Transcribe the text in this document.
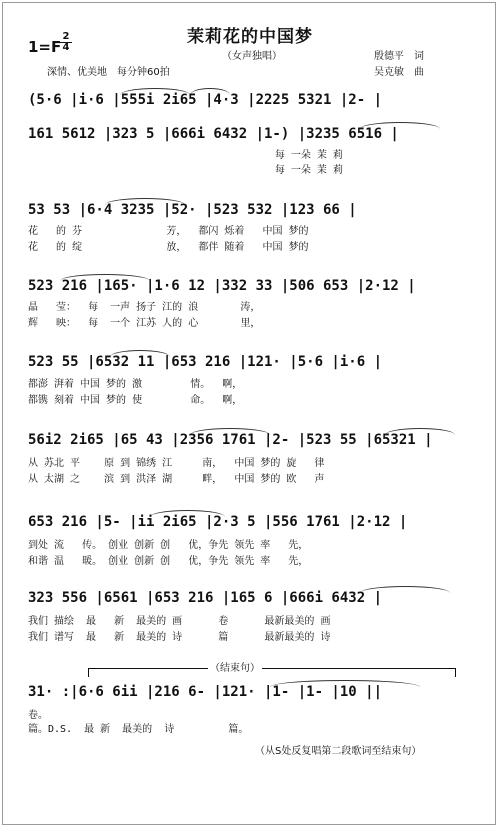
茉莉花的中国梦
（女声独唱）
1=F
2
4
深情、优美地　每分钟60拍
殷德平　词
吴克敏　曲
(5·6 |i·6 |555i 2i65 |4·3 |2225 5321 |2- |
161 5612 |323 5 |666i 6432 |1-) |3235 6516 |
每 一朵 茉 莉
每 一朵 茉 莉
53 53 |6·4 3235 |52· |523 532 |123 66 |
花   的 芬              芳，  都闪 烁着   中国 梦的
花   的 绽              放，  都伴 随着   中国 梦的
523 216 |165· |1·6 12 |332 33 |506 653 |2·12 |
晶   莹：  每  一声 扬子 江的 浪       涛，
辉   映：  每  一个 江苏 人的 心       里，
523 55 |6532 11 |653 216 |121· |5·6 |i·6 |
都澎 湃着 中国 梦的 激        情。  啊，
都镌 刻着 中国 梦的 使        命。  啊，
56i2 2i65 |65 43 |2356 1761 |2- |523 55 |65321 |
从 苏北 平    原 到 锦绣 江     南，  中国 梦的 旋   律
从 太湖 之    滨 到 洪泽 湖     畔，  中国 梦的 欧   声
653 216 |5- |ii 2i65 |2·3 5 |556 1761 |2·12 |
到处 流   传。 创业 创新 创   优，争先 领先 率   先，
和谐 温   暖。 创业 创新 创   优，争先 领先 率   先，
323 556 |6561 |653 216 |165 6 |666i 6432 |
我们 描绘  最   新  最美的 画      卷      最新最美的 画
我们 谱写  最   新  最美的 诗      篇      最新最美的 诗
（结束句）
31· :|6·6 6ii |216 6- |121· |1- |1- |10 ||
卷。
篇。D.S.  最 新  最美的  诗         篇。
（从S处反复唱第二段歌词至结束句）
